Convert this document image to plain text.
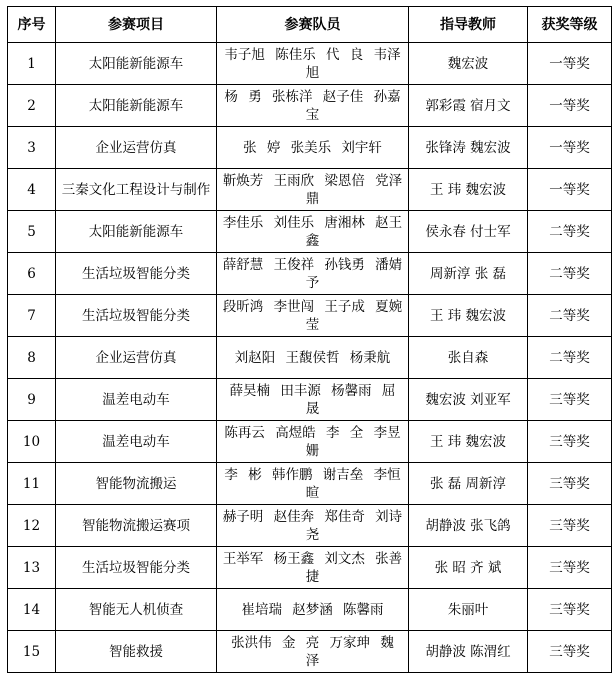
序号	参赛项目	参赛队员	指导教师	获奖等级
1	太阳能新能源车	韦子旭 陈佳乐 代 良 韦泽旭	魏宏波	一等奖
2	太阳能新能源车	杨 勇 张栋洋 赵子佳 孙嘉宝	郭彩霞 宿月文	一等奖
3	企业运营仿真	张 婷 张美乐 刘宇轩	张锋涛 魏宏波	一等奖
4	三秦文化工程设计与制作	靳焕芳 王雨欣 梁恩倍 党泽鼎	王 玮 魏宏波	一等奖
5	太阳能新能源车	李佳乐 刘佳乐 唐湘林 赵王鑫	侯永春 付士军	二等奖
6	生活垃圾智能分类	薛舒慧 王俊祥 孙钱勇 潘婧予	周新淳 张 磊	二等奖
7	生活垃圾智能分类	段昕鸿 李世闯 王子成 夏婉莹	王 玮 魏宏波	二等奖
8	企业运营仿真	刘赵阳 王馥侯哲 杨秉航	张自森	二等奖
9	温差电动车	薛昊楠 田丰源 杨馨雨 屈 晟	魏宏波 刘亚军	三等奖
10	温差电动车	陈再云 高煜皓 李 全 李昱姗	王 玮 魏宏波	三等奖
11	智能物流搬运	李 彬 韩作鹏 谢吉垒 李恒暄	张 磊 周新淳	三等奖
12	智能物流搬运赛项	赫子明 赵佳奔 郑佳奇 刘诗尧	胡静波 张飞鸽	三等奖
13	生活垃圾智能分类	王举军 杨王鑫 刘文杰 张善捷	张 昭 齐 斌	三等奖
14	智能无人机侦查	崔培瑞 赵梦涵 陈馨雨	朱丽叶	三等奖
15	智能救援	张洪伟 金 亮 万家珅 魏 泽	胡静波 陈渭红	三等奖
